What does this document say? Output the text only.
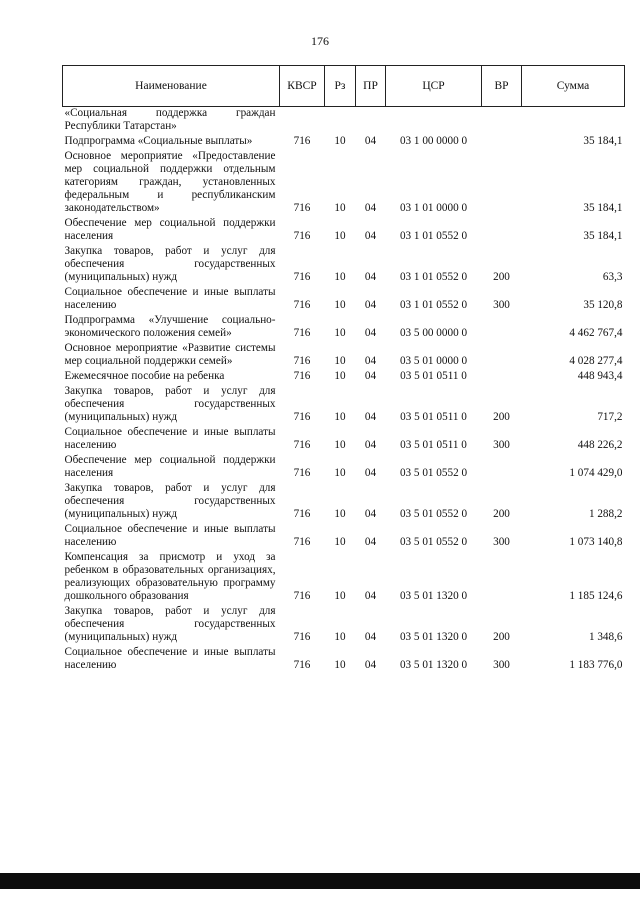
176
Наименование	КВСР	Рз	ПР	ЦСР	ВР	Сумма
«Социальная поддержка граждан Республики Татарстан»						
Подпрограмма «Социальные выплаты»	716	10	04	03 1 00 0000 0		35 184,1
Основное мероприятие «Предоставление мер социальной поддержки отдельным категориям граждан, установленных федеральным и республиканским законодательством»	716	10	04	03 1 01 0000 0		35 184,1
Обеспечение мер социальной поддержки населения	716	10	04	03 1 01 0552 0		35 184,1
Закупка товаров, работ и услуг для обеспечения государственных (муниципальных) нужд	716	10	04	03 1 01 0552 0	200	63,3
Социальное обеспечение и иные выплаты населению	716	10	04	03 1 01 0552 0	300	35 120,8
Подпрограмма «Улучшение социально-экономического положения семей»	716	10	04	03 5 00 0000 0		4 462 767,4
Основное мероприятие «Развитие системы мер социальной поддержки семей»	716	10	04	03 5 01 0000 0		4 028 277,4
Ежемесячное пособие на ребенка	716	10	04	03 5 01 0511 0		448 943,4
Закупка товаров, работ и услуг для обеспечения государственных (муниципальных) нужд	716	10	04	03 5 01 0511 0	200	717,2
Социальное обеспечение и иные выплаты населению	716	10	04	03 5 01 0511 0	300	448 226,2
Обеспечение мер социальной поддержки населения	716	10	04	03 5 01 0552 0		1 074 429,0
Закупка товаров, работ и услуг для обеспечения государственных (муниципальных) нужд	716	10	04	03 5 01 0552 0	200	1 288,2
Социальное обеспечение и иные выплаты населению	716	10	04	03 5 01 0552 0	300	1 073 140,8
Компенсация за присмотр и уход за ребенком в образовательных организациях, реализующих образовательную программу дошкольного образования	716	10	04	03 5 01 1320 0		1 185 124,6
Закупка товаров, работ и услуг для обеспечения государственных (муниципальных) нужд	716	10	04	03 5 01 1320 0	200	1 348,6
Социальное обеспечение и иные выплаты населению	716	10	04	03 5 01 1320 0	300	1 183 776,0
